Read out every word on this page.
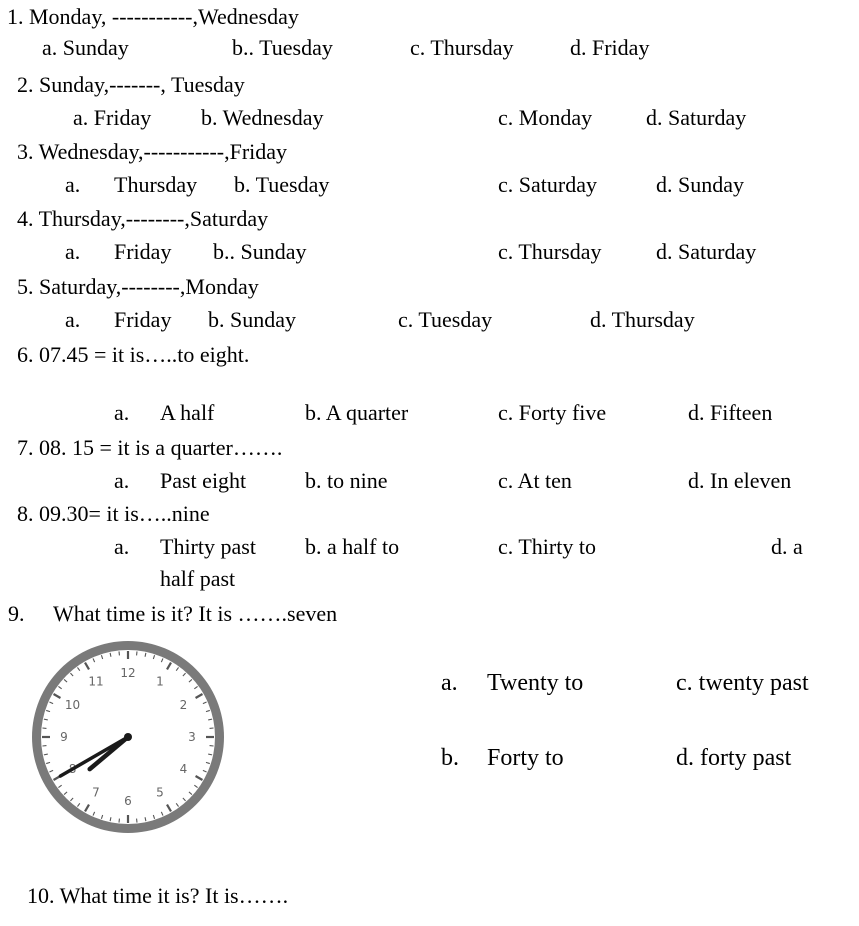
1. Monday, -----------,Wednesday
a. Sunday	b.. Tuesday	c. Thursday	d. Friday
2. Sunday,-------, Tuesday
a. Friday b. Wednesday	c. Monday d. Saturday
3. Wednesday,-----------,Friday
a. Thursday b. Tuesday	c. Saturday	d. Sunday
4. Thursday,--------,Saturday
a. Friday b.. Sunday	c. Thursday d. Saturday
5. Saturday,--------,Monday
a. Friday b. Sunday	c. Tuesday	d. Thursday
6. 07.45 = it is…..to eight.
a. A half	b. A quarter	c. Forty five	d. Fifteen
7. 08. 15 = it is a quarter…….
a. Past eight	b. to nine	c. At ten	d. In eleven
8. 09.30= it is…..nine
a. Thirty past b. a half to	c. Thirty to	d. a
half past
9. What time is it? It is …….seven
12
1
2
3
4
5
6
7
9
10
11	a. Twenty to	c. twenty past
b. Forty to	d. forty past
10. What time it is? It is…….
